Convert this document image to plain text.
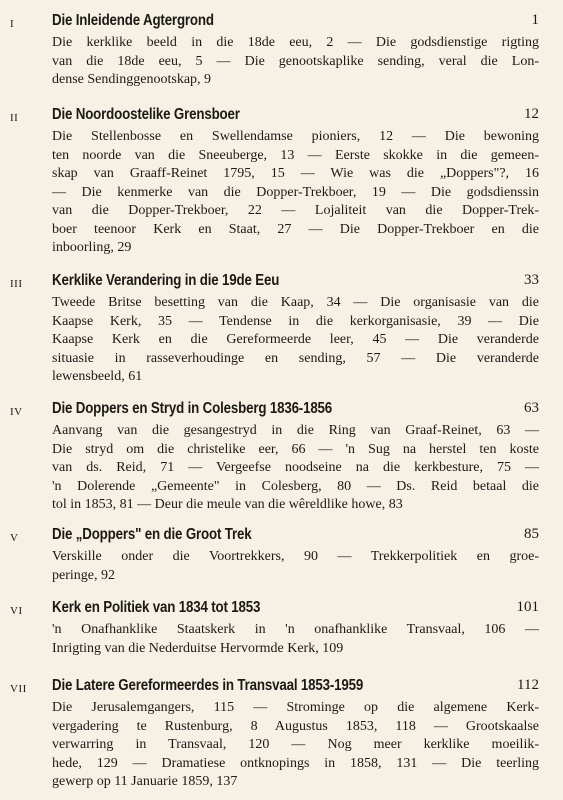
I	Die Inleidende Agtergrond	1
Die kerklike beeld in die 18de eeu, 2 — Die godsdienstige rigting
van die 18de eeu, 5 — Die genootskaplike sending, veral die Lon-
dense Sendinggenootskap, 9
II	Die Noordoostelike Grensboer	12
Die Stellenbosse en Swellendamse pioniers, 12 — Die bewoning
ten noorde van die Sneeuberge, 13 — Eerste skokke in die gemeen-
skap van Graaff-Reinet 1795, 15 — Wie was die „Doppers"?, 16
— Die kenmerke van die Dopper-Trekboer, 19 — Die godsdienssin
van die Dopper-Trekboer, 22 — Lojaliteit van die Dopper-Trek-
boer teenoor Kerk en Staat, 27 — Die Dopper-Trekboer en die
inboorling, 29
III	Kerklike Verandering in die 19de Eeu	33
Tweede Britse besetting van die Kaap, 34 — Die organisasie van die
Kaapse Kerk, 35 — Tendense in die kerkorganisasie, 39 — Die
Kaapse Kerk en die Gereformeerde leer, 45 — Die veranderde
situasie in rasseverhoudinge en sending, 57 — Die veranderde
lewensbeeld, 61
IV	Die Doppers en Stryd in Colesberg 1836-1856	63
Aanvang van die gesangestryd in die Ring van Graaf-Reinet, 63 —
Die stryd om die christelike eer, 66 — 'n Sug na herstel ten koste
van ds. Reid, 71 — Vergeefse noodseine na die kerkbesture, 75 —
'n Dolerende „Gemeente" in Colesberg, 80 — Ds. Reid betaal die
tol in 1853, 81 — Deur die meule van die wêreldlike howe, 83
V	Die „Doppers" en die Groot Trek	85
Verskille onder die Voortrekkers, 90 — Trekkerpolitiek en groe-
peringe, 92
VI	Kerk en Politiek van 1834 tot 1853	101
'n Onafhanklike Staatskerk in 'n onafhanklike Transvaal, 106 —
Inrigting van die Nederduitse Hervormde Kerk, 109
VII	Die Latere Gereformeerdes in Transvaal 1853-1959	112
Die Jerusalemgangers, 115 — Strominge op die algemene Kerk-
vergadering te Rustenburg, 8 Augustus 1853, 118 — Grootskaalse
verwarring in Transvaal, 120 — Nog meer kerklike moeilik-
hede, 129 — Dramatiese ontknopings in 1858, 131 — Die teerling
gewerp op 11 Januarie 1859, 137
